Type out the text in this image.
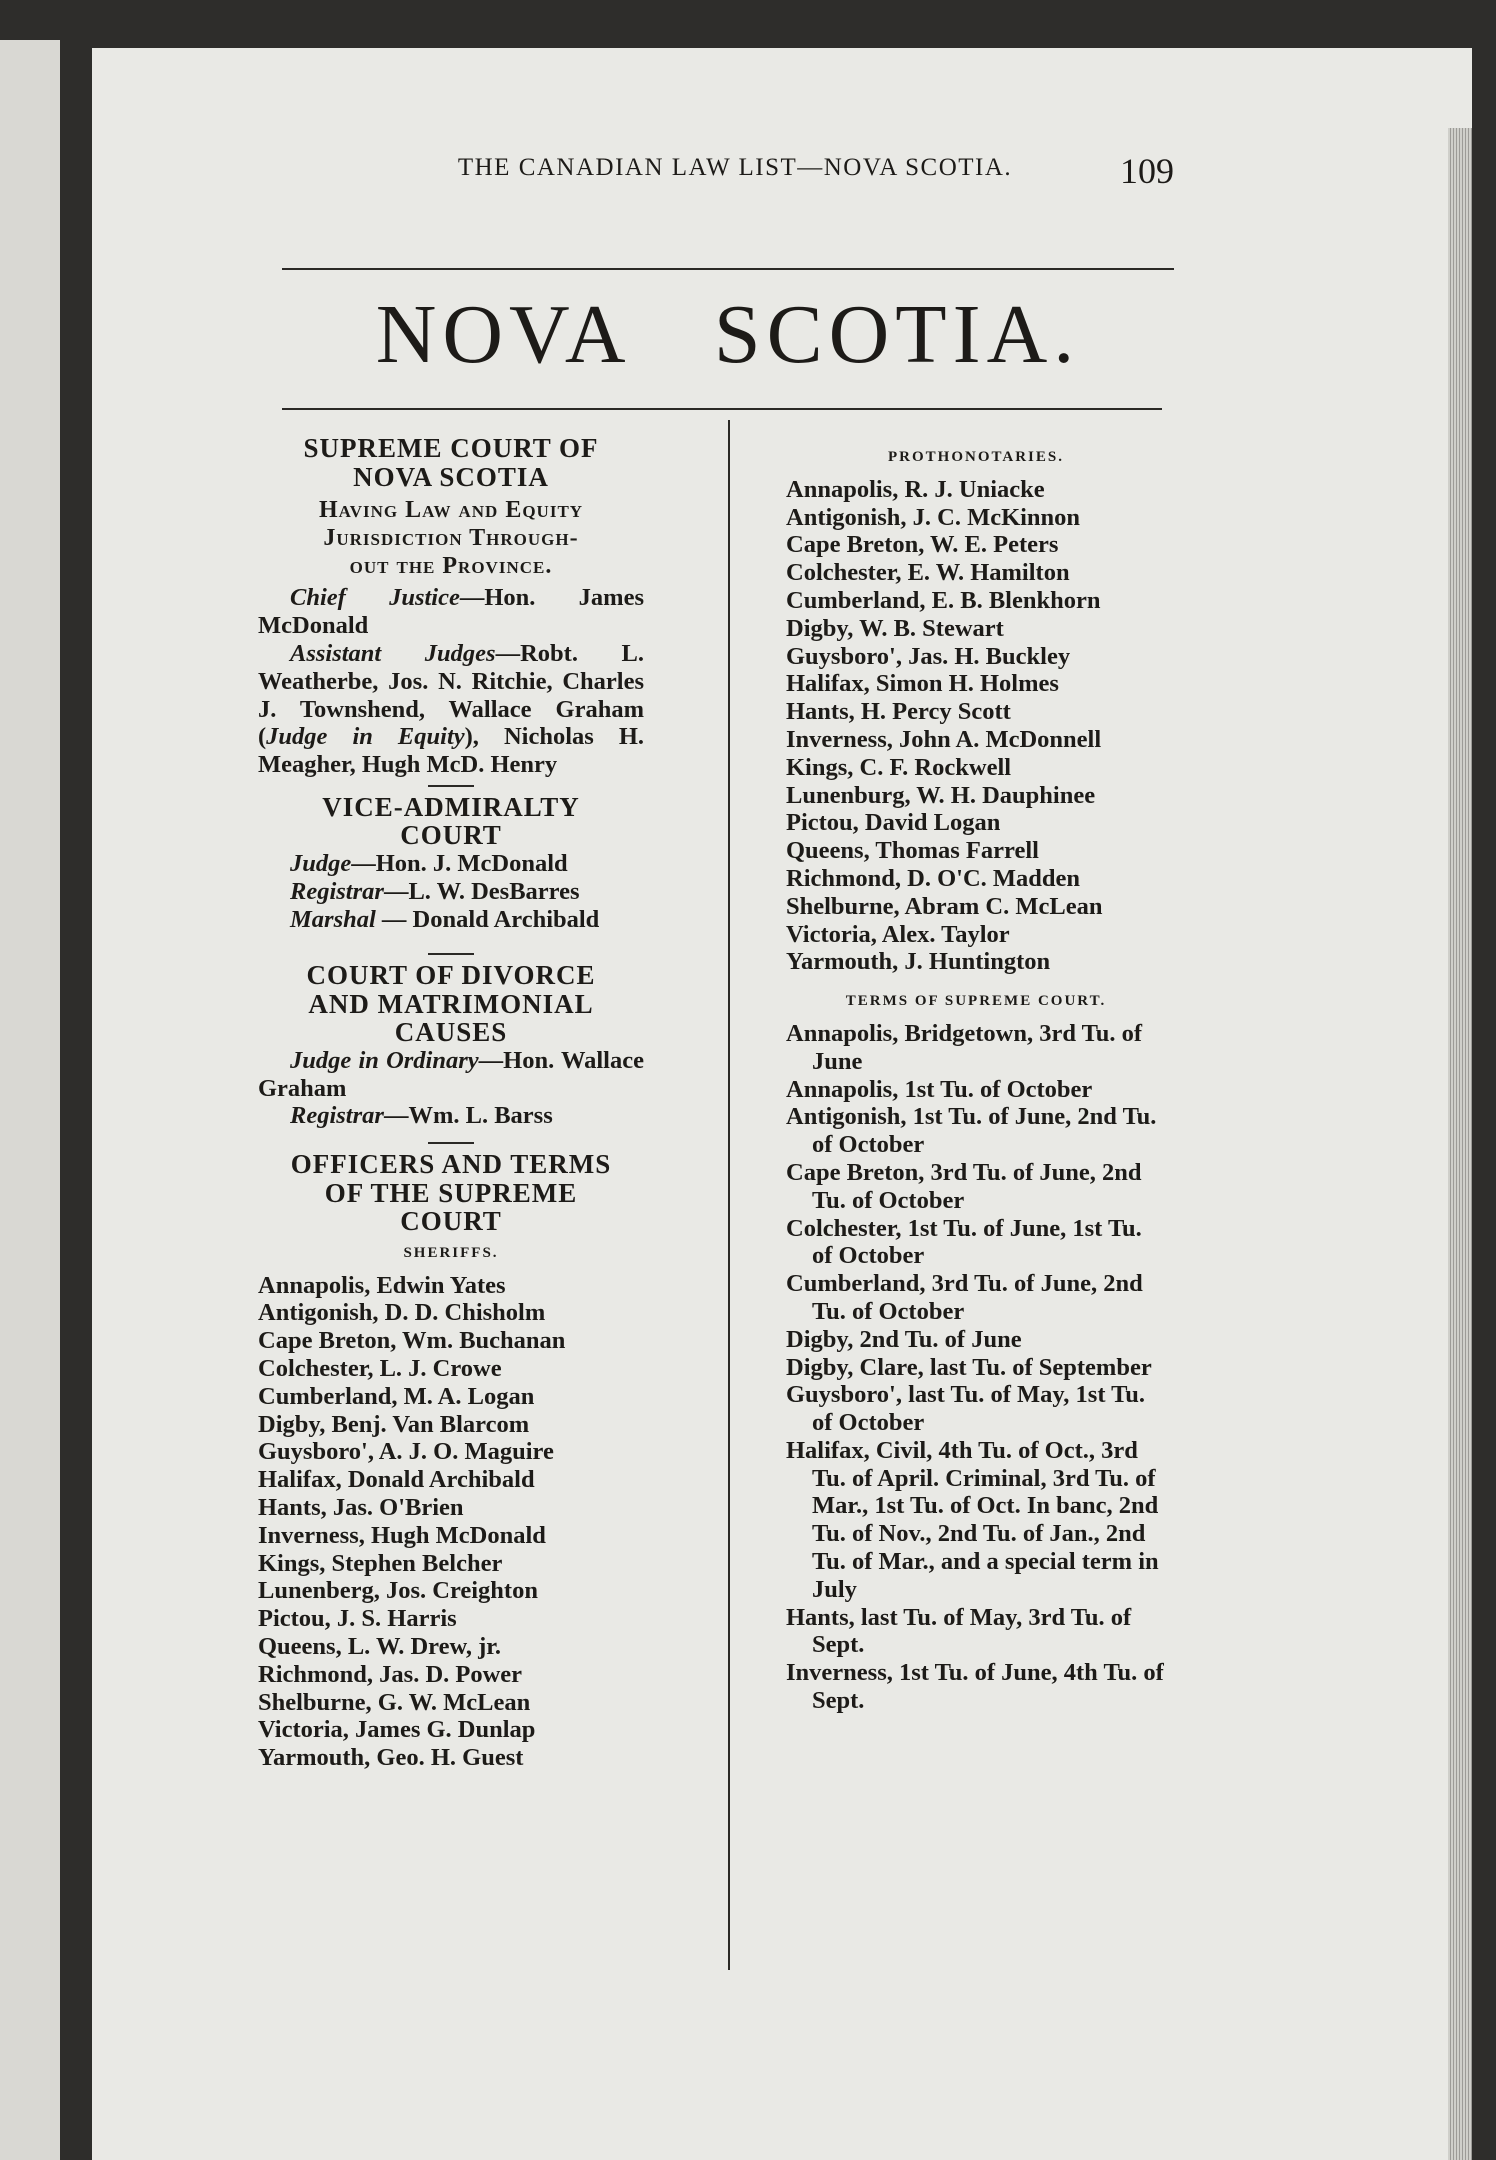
THE CANADIAN LAW LIST—NOVA SCOTIA.	109
NOVA SCOTIA.
SUPREME COURT OF
NOVA SCOTIA
Having Law and Equity
Jurisdiction Through-
out the Province.

Chief Justice—Hon. James McDonald

Assistant Judges—Robt. L. Weatherbe, Jos. N. Ritchie, Charles J. Townshend, Wallace Graham (Judge in Equity), Nicholas H. Meagher, Hugh McD. Henry

VICE-ADMIRALTY
COURT

Judge—Hon. J. McDonald

Registrar—L. W. DesBarres

Marshal — Donald Archibald

COURT OF DIVORCE
AND MATRIMONIAL
CAUSES

Judge in Ordinary—Hon. Wallace Graham

Registrar—Wm. L. Barss

OFFICERS AND TERMS
OF THE SUPREME
COURT
SHERIFFS.

Annapolis, Edwin Yates

Antigonish, D. D. Chisholm

Cape Breton, Wm. Buchanan

Colchester, L. J. Crowe

Cumberland, M. A. Logan

Digby, Benj. Van Blarcom

Guysboro', A. J. O. Maguire

Halifax, Donald Archibald

Hants, Jas. O'Brien

Inverness, Hugh McDonald

Kings, Stephen Belcher

Lunenberg, Jos. Creighton

Pictou, J. S. Harris

Queens, L. W. Drew, jr.

Richmond, Jas. D. Power

Shelburne, G. W. McLean

Victoria, James G. Dunlap

Yarmouth, Geo. H. Guest

PROTHONOTARIES.

Annapolis, R. J. Uniacke

Antigonish, J. C. McKinnon

Cape Breton, W. E. Peters

Colchester, E. W. Hamilton

Cumberland, E. B. Blenkhorn

Digby, W. B. Stewart

Guysboro', Jas. H. Buckley

Halifax, Simon H. Holmes

Hants, H. Percy Scott

Inverness, John A. McDonnell

Kings, C. F. Rockwell

Lunenburg, W. H. Dauphinee

Pictou, David Logan

Queens, Thomas Farrell

Richmond, D. O'C. Madden

Shelburne, Abram C. McLean

Victoria, Alex. Taylor

Yarmouth, J. Huntington

TERMS OF SUPREME COURT.

Annapolis, Bridgetown, 3rd Tu. of June

Annapolis, 1st Tu. of October

Antigonish, 1st Tu. of June, 2nd Tu. of October

Cape Breton, 3rd Tu. of June, 2nd Tu. of October

Colchester, 1st Tu. of June, 1st Tu. of October

Cumberland, 3rd Tu. of June, 2nd Tu. of October

Digby, 2nd Tu. of June

Digby, Clare, last Tu. of September

Guysboro', last Tu. of May, 1st Tu. of October

Halifax, Civil, 4th Tu. of Oct., 3rd Tu. of April. Criminal, 3rd Tu. of Mar., 1st Tu. of Oct. In banc, 2nd Tu. of Nov., 2nd Tu. of Jan., 2nd Tu. of Mar., and a special term in July

Hants, last Tu. of May, 3rd Tu. of Sept.

Inverness, 1st Tu. of June, 4th Tu. of Sept.
